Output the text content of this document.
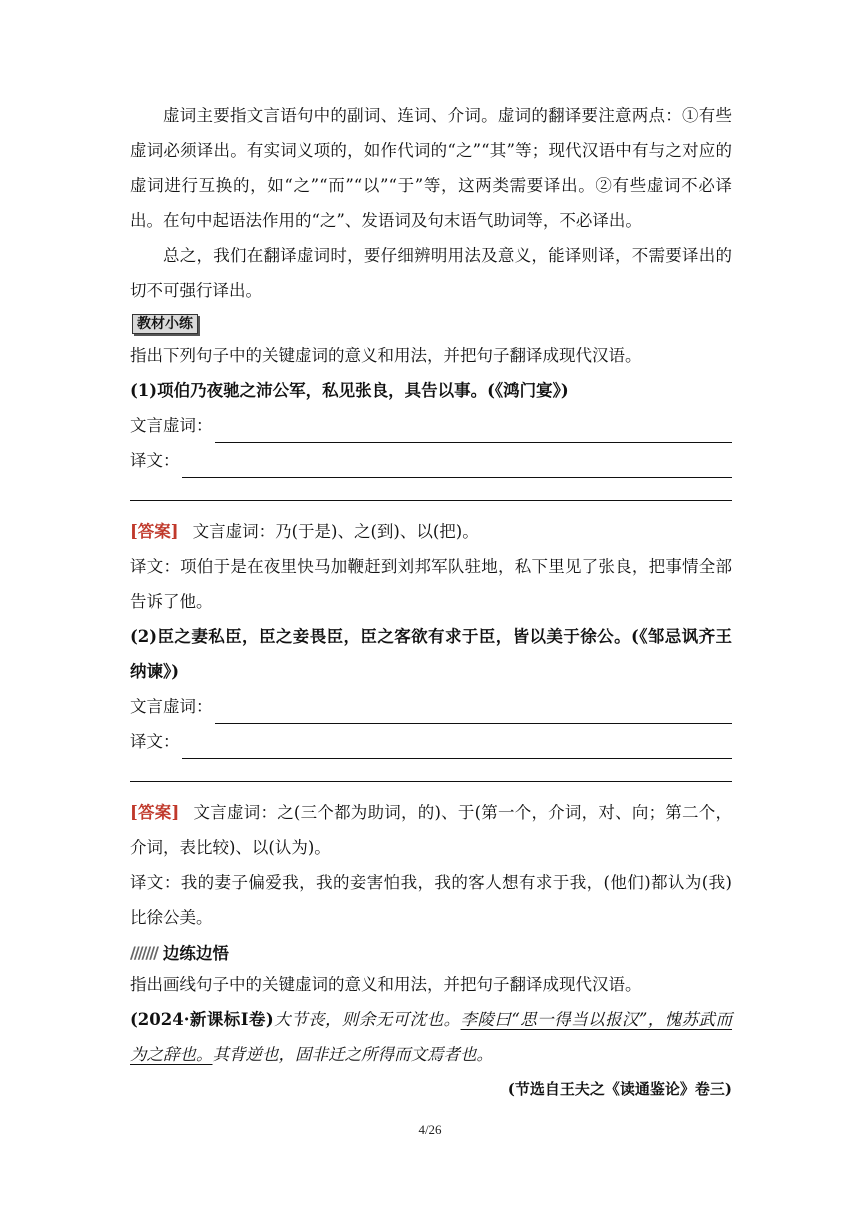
虚词主要指文言语句中的副词、连词、介词。虚词的翻译要注意两点：①有些虚词必须译出。有实词义项的，如作代词的“之”“其”等；现代汉语中有与之对应的虚词进行互换的，如“之”“而”“以”“于”等，这两类需要译出。②有些虚词不必译出。在句中起语法作用的“之”、发语词及句末语气助词等，不必译出。

总之，我们在翻译虚词时，要仔细辨明用法及意义，能译则译，不需要译出的切不可强行译出。

教材小练

指出下列句子中的关键虚词的意义和用法，并把句子翻译成现代汉语。

(1)项伯乃夜驰之沛公军，私见张良，具告以事。(《鸿门宴》)

文言虚词：
译文：

[答案] 文言虚词：乃(于是)、之(到)、以(把)。

译文：项伯于是在夜里快马加鞭赶到刘邦军队驻地，私下里见了张良，把事情全部告诉了他。

(2)臣之妻私臣，臣之妾畏臣，臣之客欲有求于臣，皆以美于徐公。(《邹忌讽齐王纳谏》)

文言虚词：
译文：

[答案] 文言虚词：之(三个都为助词，的)、于(第一个，介词，对、向；第二个，介词，表比较)、以(认为)。

译文：我的妻子偏爱我，我的妾害怕我，我的客人想有求于我，(他们)都认为(我)比徐公美。

/////// 边练边悟

指出画线句子中的关键虚词的意义和用法，并把句子翻译成现代汉语。

(2024·新课标Ⅰ卷)大节丧，则余无可沈也。李陵曰“思一得当以报汉”，愧苏武而为之辞也。其背逆也，固非迁之所得而文焉者也。

(节选自王夫之《读通鉴论》卷三)
4/26
